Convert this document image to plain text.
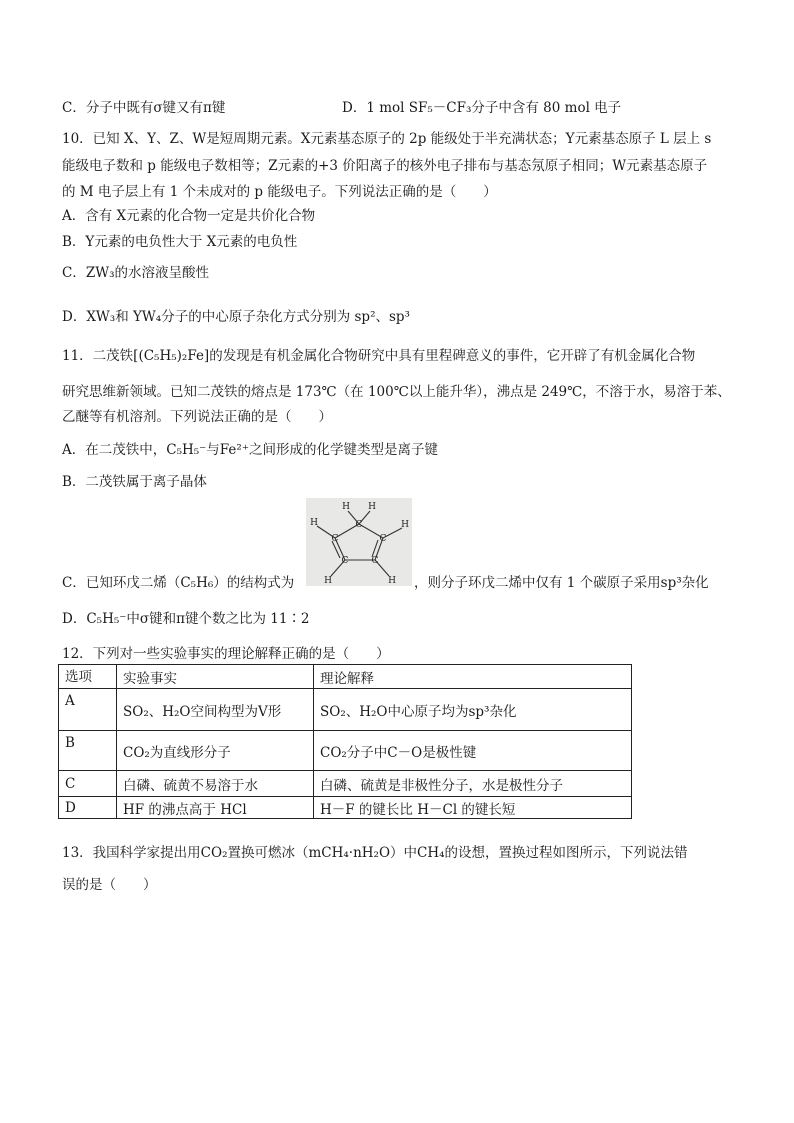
C．分子中既有σ键又有π键	D．1 mol SF₅－CF₃分子中含有 80 mol 电子
10．已知 X、Y、Z、W是短周期元素。X元素基态原子的 2p 能级处于半充满状态；Y元素基态原子 L 层上 s
能级电子数和 p 能级电子数相等；Z元素的+3 价阳离子的核外电子排布与基态氖原子相同；W元素基态原子
的 M 电子层上有 1 个未成对的 p 能级电子。下列说法正确的是（　　）
A．含有 X元素的化合物一定是共价化合物
B．Y元素的电负性大于 X元素的电负性
C．ZW₃的水溶液呈酸性
D．XW₃和 YW₄分子的中心原子杂化方式分别为 sp²、sp³
11．二茂铁[(C₅H₅)₂Fe]的发现是有机金属化合物研究中具有里程碑意义的事件，它开辟了有机金属化合物
研究思维新领域。已知二茂铁的熔点是 173℃（在 100℃以上能升华），沸点是 249℃，不溶于水，易溶于苯、
乙醚等有机溶剂。下列说法正确的是（　　）
A．在二茂铁中，C₅H₅⁻与Fe²⁺之间形成的化学键类型是离子键
B．二茂铁属于离子晶体
C．已知环戊二烯（C₅H₆）的结构式为
C
C
C
C
C
H H
H
H
H
H
，则分子环戊二烯中仅有 1 个碳原子采用sp³杂化
D．C₅H₅⁻中σ键和π键个数之比为 11∶2
12．下列对一些实验事实的理论解释正确的是（　　）
选项	实验事实	理论解释
A	SO₂、H₂O空间构型为Ⅴ形	SO₂、H₂O中心原子均为sp³杂化
B	CO₂为直线形分子	CO₂分子中C－O是极性键
C	白磷、硫黄不易溶于水	白磷、硫黄是非极性分子，水是极性分子
D	HF 的沸点高于 HCl	H－F 的键长比 H－Cl 的键长短
13．我国科学家提出用CO₂置换可燃冰（mCH₄·nH₂O）中CH₄的设想，置换过程如图所示，下列说法错
误的是（　　）
